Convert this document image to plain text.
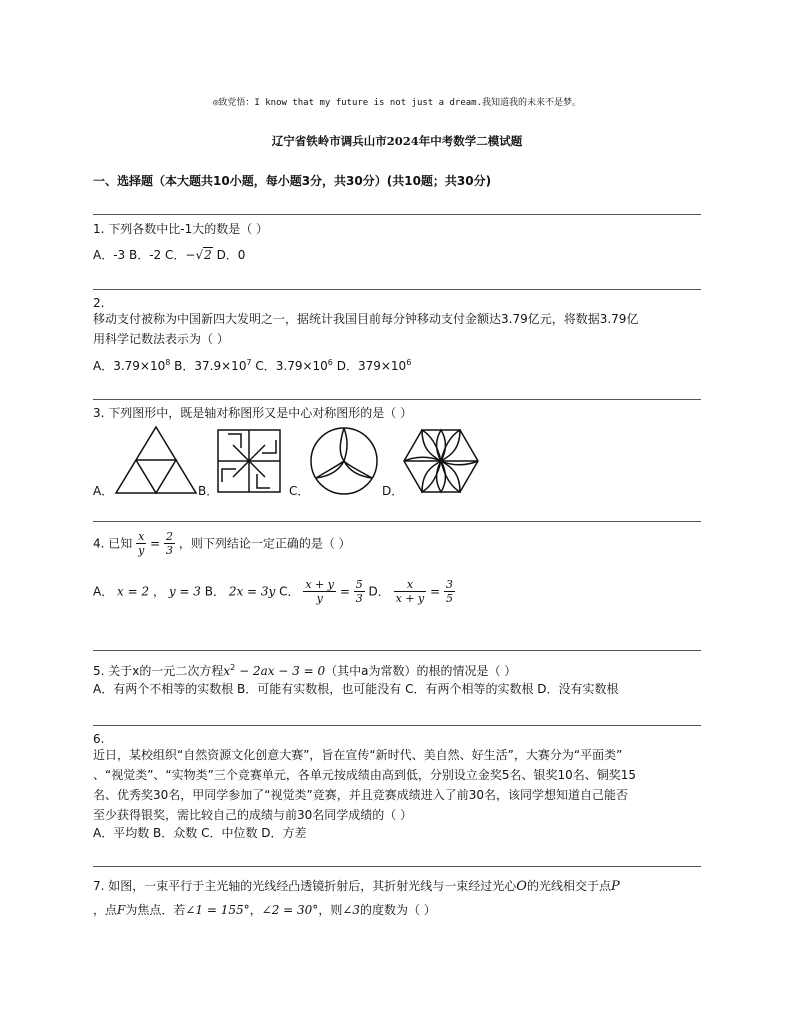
◎致党悟：I know that my future is not just a dream.我知道我的未来不是梦。
辽宁省铁岭市调兵山市2024年中考数学二模试题
一、选择题（本大题共10小题，每小题3分，共30分）(共10题；共30分)
1. 下列各数中比-1大的数是（ ）
A．-3 B．-2 C．−√2 D．0
2.
移动支付被称为中国新四大发明之一，据统计我国目前每分钟移动支付金额达3.79亿元，将数据3.79亿
用科学记数法表示为（ ）
A．$3.79\times 10^8$ B．$37.9\times 10^7$ C．$3.79\times 10^6$ D．$379\times 10^6$
3. 下列图形中，既是轴对称图形又是中心对称图形的是（ ）
A．	B．	C．	D．
4. 已知 $\frac{x}{y} = \frac{2}{3}$ ，则下列结论一定正确的是（ ）
A． x = 2 ， y = 3 B． 2x = 3y C． $\frac{x + y}{y} = \frac{5}{3}$ D． $\frac{x}{x + y} = \frac{3}{5}$
5. 关于x的一元二次方程$x^2 - 2ax - 3 = 0$（其中a为常数）的根的情况是（ ）
A．有两个不相等的实数根 B．可能有实数根，也可能没有 C．有两个相等的实数根 D．没有实数根
6.
近日，某校组织“自然资源文化创意大赛”，旨在宣传“新时代、美自然、好生活”，大赛分为“平面类”
、“视觉类”、“实物类”三个竞赛单元，各单元按成绩由高到低，分别设立金奖5名、银奖10名、铜奖15
名、优秀奖30名，甲同学参加了“视觉类”竞赛，并且竞赛成绩进入了前30名，该同学想知道自己能否
至少获得银奖，需比较自己的成绩与前30名同学成绩的（ ）
A．平均数 B．众数 C．中位数 D．方差
7. 如图，一束平行于主光轴的光线经凸透镜折射后，其折射光线与一束经过光心O的光线相交于点P
，点F为焦点．若∠1 = 155°，∠2 = 30°，则∠3的度数为（ ）
